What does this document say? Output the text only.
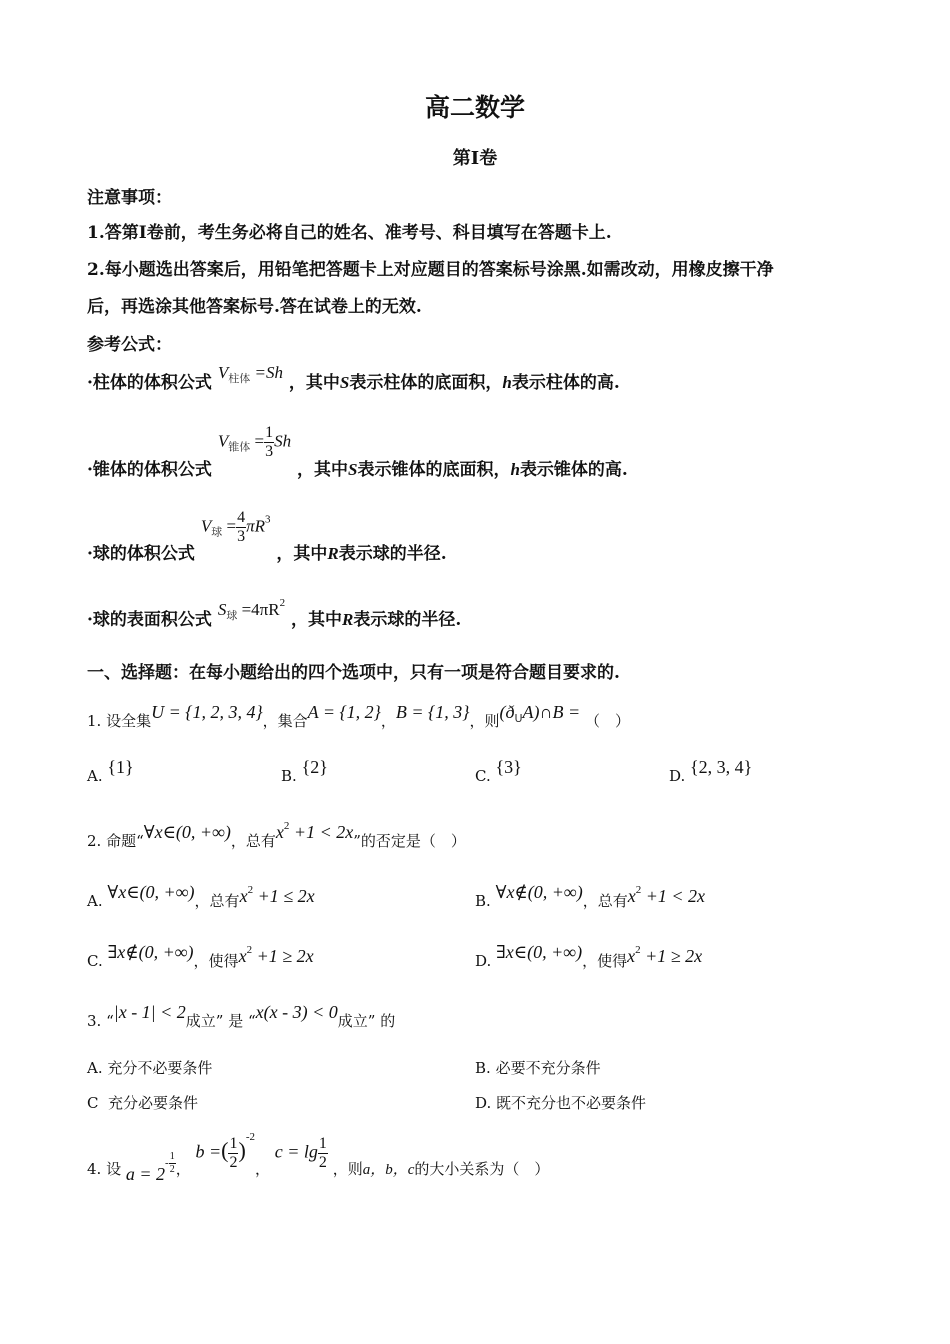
高二数学
第Ⅰ卷
注意事项：
1.答第Ⅰ卷前，考生务必将自己的姓名、准考号、科目填写在答题卡上.
2.每小题选出答案后，用铅笔把答题卡上对应题目的答案标号涂黑.如需改动，用橡皮擦干净
后，再选涂其他答案标号.答在试卷上的无效.
参考公式：
·柱体的体积公式 $V_{柱体} =Sh$ ，其中S表示柱体的底面积，h表示柱体的高.
·锥体的体积公式 $V_{锥体} = \frac{1}{3}$ Sh ，其中S表示锥体的底面积，h表示锥体的高.
·球的体积公式 $V_球 = \frac{4}{3} \pi R^3$ ，其中R表示球的半径.
·球的表面积公式 $S_球 =4\pi R^2$ ，其中R表示球的半径.
一、选择题：在每小题给出的四个选项中，只有一项是符合题目要求的.
1. 设全集U = {1, 2, 3, 4}，集合A = {1, 2}，B = {1, 3}，则$(ð_UA)\cap B$ = （　）
A. {1}	B. {2}	C. {3}	D. {2, 3, 4}
2. 命题“∀x∈(0, +∞)，总有$x^2 +1 < 2x$”的否定是（　）
A. ∀x∈(0, +∞)，总有$x^2 +1 \le 2x$	B. ∀x∉(0, +∞)，总有$x^2 +1 < 2x$
C. ∃x∉(0, +∞)，使得$x^2 +1 \ge 2x$	D. ∃x∈(0, +∞)，使得$x^2 +1 \ge 2x$
3. “|x - 1| < 2成立” 是 “x(x - 3) < 0成立” 的
A. 充分不必要条件	B. 必要不充分条件
C 充分必要条件	D. 既不充分也不必要条件
4. 设 $a = 2^{- \frac{1}{2}}$ ， b =( $\frac{1}{2} )^{-2}$， $c = \lg \frac{1}{2}$ ，则a，b，c的大小关系为（　）
